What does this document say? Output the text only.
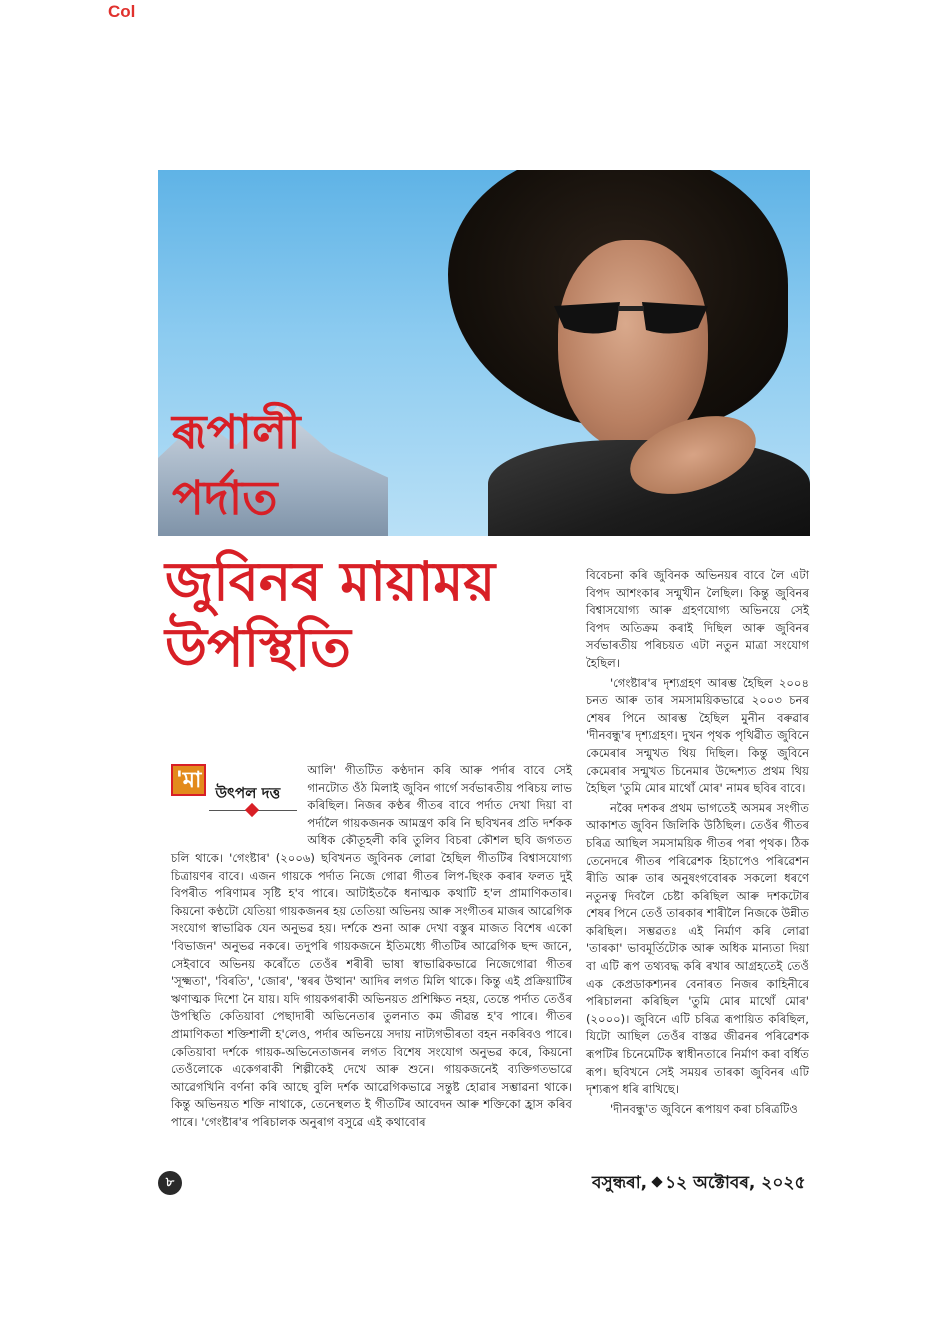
Col
ৰূপালী
পৰ্দাত
জুবিনৰ মায়াময়
উপস্থিতি
'মা উৎপল দত্ত

আলি' গীতটিত কণ্ঠদান কৰি আৰু পৰ্দাৰ বাবে সেই গানটোত ওঁঠ মিলাই জুবিন গাৰ্গে সৰ্বভাৰতীয় পৰিচয় লাভ কৰিছিল। নিজৰ কণ্ঠৰ গীতৰ বাবে পৰ্দাত দেখা দিয়া বা পৰ্দালৈ গায়কজনক আমন্ত্ৰণ কৰি নি ছবিখনৰ প্ৰতি দৰ্শকক অধিক কৌতূহলী কৰি তুলিব বিচৰা কৌশল ছবি জগতত চলি থাকে। 'গেংষ্টাৰ' (২০০৬) ছবিখনত জুবিনক লোৱা হৈছিল গীতটিৰ বিশ্বাসযোগ্য চিত্ৰায়ণৰ বাবে। এজন গায়কে পৰ্দাত নিজে গোৱা গীতৰ লিপ-ছিংক কৰাৰ ফলত দুই বিপৰীত পৰিণামৰ সৃষ্টি হ'ব পাৰে। আটাইতকৈ ধনাত্মক কথাটি হ'ল প্ৰামাণিকতাৰ। কিয়নো কণ্ঠটো যেতিয়া গায়কজনৰ হয় তেতিয়া অভিনয় আৰু সংগীতৰ মাজৰ আৱেগিক সংযোগ স্বাভাৱিক যেন অনুভৱ হয়। দৰ্শকে শুনা আৰু দেখা বস্তুৰ মাজত বিশেষ একো 'বিভাজন' অনুভৱ নকৰে। তদুপৰি গায়কজনে ইতিমধ্যে গীতটিৰ আৱেগিক ছন্দ জানে, সেইবাবে অভিনয় কৰোঁতে তেওঁৰ শৰীৰী ভাষা স্বাভাৱিকভাৱে নিজেগোৱা গীতৰ 'সূক্ষ্মতা', 'বিৰতি', 'জোৰ', 'স্বৰৰ উত্থান' আদিৰ লগত মিলি থাকে। কিন্তু এই প্ৰক্ৰিয়াটিৰ ঋণাত্মক দিশো নৈ যায়। যদি গায়কগৰাকী অভিনয়ত প্ৰশিক্ষিত নহয়, তেন্তে পৰ্দাত তেওঁৰ উপস্থিতি কেতিয়াবা পেছাদাৰী অভিনেতাৰ তুলনাত কম জীৱন্ত হ'ব পাৰে। গীতৰ প্ৰামাণিকতা শক্তিশালী হ'লেও, পৰ্দাৰ অভিনয়ে সদায় নাট্যগভীৰতা বহন নকৰিবও পাৰে। কেতিয়াবা দৰ্শকে গায়ক-অভিনেতাজনৰ লগত বিশেষ সংযোগ অনুভৱ কৰে, কিয়নো তেওঁলোকে একেগৰাকী শিল্পীকেই দেখে আৰু শুনে। গায়কজনেই ব্যক্তিগতভাৱে আৱেগখিনি বৰ্ণনা কৰি আছে বুলি দৰ্শক আৱেগিকভাৱে সন্তুষ্ট হোৱাৰ সম্ভাৱনা থাকে। কিন্তু অভিনয়ত শক্তি নাথাকে, তেনেস্থলত ই গীতটিৰ আবেদন আৰু শক্তিকো হ্ৰাস কৰিব পাৰে। 'গেংষ্টাৰ'ৰ পৰিচালক অনুৰাগ বসুৱে এই কথাবোৰ

বিবেচনা কৰি জুবিনক অভিনয়ৰ বাবে লৈ এটা বিপদ আশংকাৰ সন্মুখীন লৈছিল। কিন্তু জুবিনৰ বিশ্বাসযোগ্য আৰু গ্ৰহণযোগ্য অভিনয়ে সেই বিপদ অতিক্ৰম কৰাই দিছিল আৰু জুবিনৰ সৰ্বভাৰতীয় পৰিচয়ত এটা নতুন মাত্ৰা সংযোগ হৈছিল।

'গেংষ্টাৰ'ৰ দৃশ্যগ্ৰহণ আৰম্ভ হৈছিল ২০০৪ চনত আৰু তাৰ সমসাময়িকভাৱে ২০০৩ চনৰ শেষৰ পিনে আৰম্ভ হৈছিল মুনীন বৰুৱাৰ 'দীনবন্ধু'ৰ দৃশ্যগ্ৰহণ। দুখন পৃথক পৃথিৱীত জুবিনে কেমেৰাৰ সন্মুখত থিয় দিছিল। কিন্তু জুবিনে কেমেৰাৰ সন্মুখত চিনেমাৰ উদ্দেশ্যত প্ৰথম থিয় হৈছিল 'তুমি মোৰ মাথোঁ মোৰ' নামৰ ছবিৰ বাবে।

নব্বৈ দশকৰ প্ৰথম ভাগতেই অসমৰ সংগীত আকাশত জুবিন জিলিকি উঠিছিল। তেওঁৰ গীতৰ চৰিত্ৰ আছিল সমসাময়িক গীতৰ পৰা পৃথক। ঠিক তেনেদৰে গীতৰ পৰিৱেশক হিচাপেও পৰিৱেশন ৰীতি আৰু তাৰ অনুষংগবোৰক সকলো ধৰণে নতুনত্ব দিবলৈ চেষ্টা কৰিছিল আৰু দশকটোৰ শেষৰ পিনে তেওঁ তাৰকাৰ শাৰীলৈ নিজকে উন্নীত কৰিছিল। সম্ভৱতঃ এই নিৰ্মাণ কৰি লোৱা 'তাৰকা' ভাবমূৰ্তিটোক আৰু অধিক মান্যতা দিয়া বা এটি ৰূপ তথ্যবদ্ধ কৰি ৰখাৰ আগ্ৰহতেই তেওঁ এক কেপ্ৰডাকশ্যনৰ বেনাৰত নিজৰ কাহিনীৰে পৰিচালনা কৰিছিল 'তুমি মোৰ মাথোঁ মোৰ' (২০০০)। জুবিনে এটি চৰিত্ৰ ৰূপায়িত কৰিছিল, যিটো আছিল তেওঁৰ বাস্তৱ জীৱনৰ পৰিৱেশক ৰূপটিৰ চিনেমেটিক স্বাধীনতাৰে নিৰ্মাণ কৰা বৰ্ধিত ৰূপ। ছবিখনে সেই সময়ৰ তাৰকা জুবিনৰ এটি দৃশ্যৰূপ ধৰি ৰাখিছে।

'দীনবন্ধু'ত জুবিনে ৰূপায়ণ কৰা চৰিত্ৰটিও

৮	বসুন্ধৰা, ১২ অক্টোবৰ, ২০২৫
